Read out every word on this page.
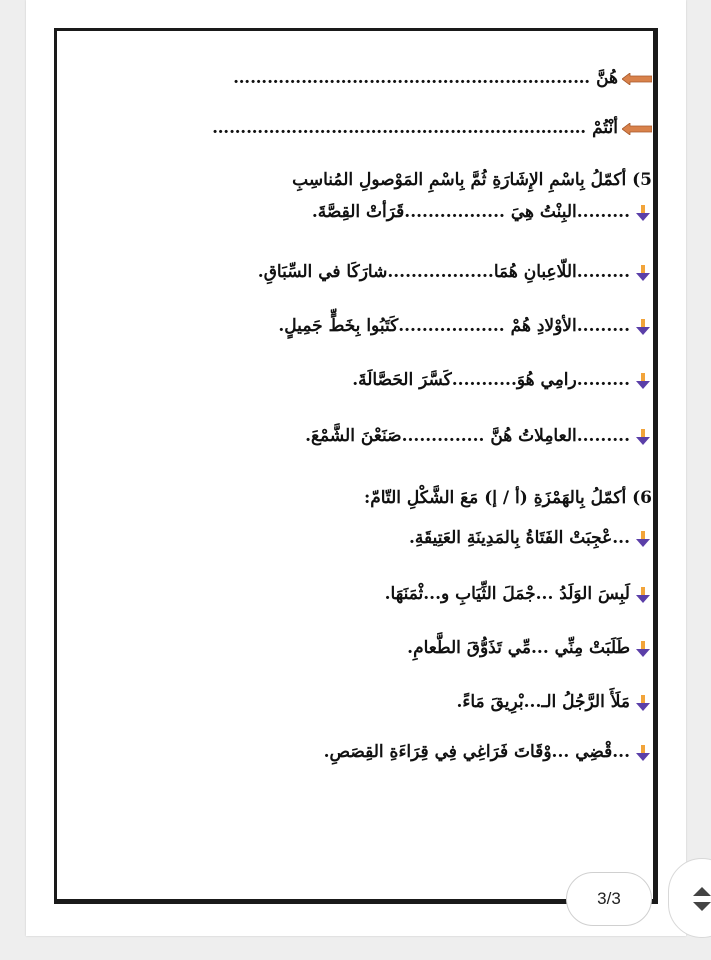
هُنَّ ………………………………………………………
أنْتُمْ …………………………………………………………
5) أكمّلُ بِاسْمِ الإِشَارَةِ ثُمَّ بِاسْمِ المَوْصولِ المُناسِبِ
.........البِنْتُ هِيَ .................قَرَأتْ القِصَّةَ.
.........اللّاعِبانِ هُمَا..................شارَكَا في السِّبَاقِ.
.........الأوْلادِ هُمْ ..................كَتَبُوا بِخَطٍّ جَمِيلٍ.
.........رامِي هُوَ...........كَسَّرَ الحَصَّالَةَ.
.........العامِلاتُ هُنَّ ..............صَنَعْنَ الشَّمْعَ.
6) أكمّلُ بِالهَمْزَةِ (أ / إ) مَعَ الشَّكْلِ التّامّ:
...عْجِبَتْ الفَتَاةُ بِالمَدِينَةِ العَتِيقَةِ.
لَبِسَ الوَلَدُ ...جْمَلَ الثِّيَابِ و...ثْمَنَهَا.
طَلَبَتْ مِنِّي ...مِّي تَذَوُّقَ الطَّعامِ.
مَلَأَ الرَّجُلُ الـ...بْرِيقَ مَاءً.
...قْضِي ...وْقَاتَ فَرَاغِي فِي قِرَاءَةِ القِصَصِ.
3/3
